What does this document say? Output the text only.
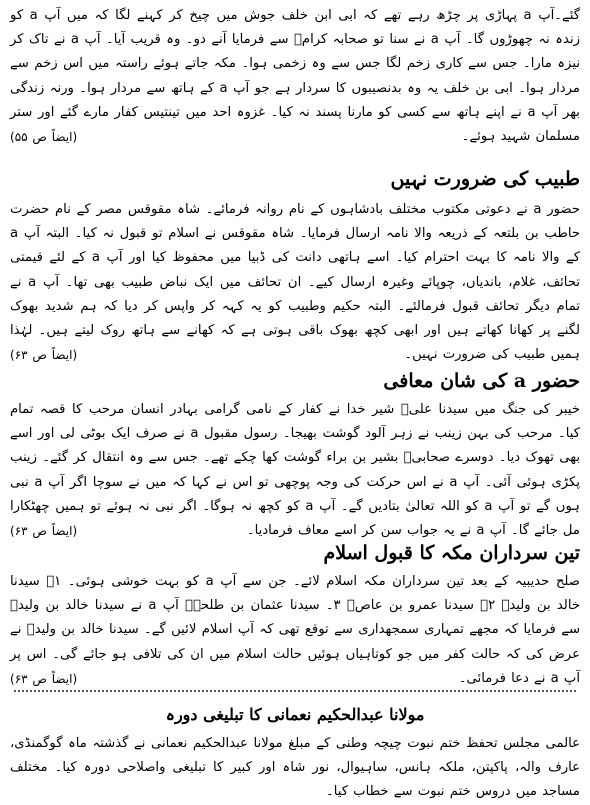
گئے۔آپ a پہاڑی پر چڑھ رہے تھے کہ ابی ابن خلف جوش میں چیخ کر کہنے لگا کہ میں آپ a کو زندہ نہ چھوڑوں گا۔ آپ a نے سنا تو صحابہ کرامؓ سے فرمایا آنے دو۔ وہ قریب آیا۔ آپ a نے تاک کر نیزہ مارا۔ جس سے کاری زخم لگا جس سے وہ زخمی ہوا۔ مکہ جاتے ہوئے راستہ میں اس زخم سے مردار ہوا۔ ابی بن خلف یہ وہ بدنصیبوں کا سردار ہے جو آپ a کے ہاتھ سے مردار ہوا۔ ورنہ زندگی بھر آپ a نے اپنے ہاتھ سے کسی کو مارنا پسند نہ کیا۔ غزوہ احد میں تینتیس کفار مارے گئے اور ستر مسلمان شہید ہوئے۔
(ایضاً ص ۵۵)
طبیب کی ضرورت نہیں
حضور a نے دعوتی مکتوب مختلف بادشاہوں کے نام روانہ فرمائے۔ شاہ مقوقس مصر کے نام حضرت حاطب بن بلتعہ کے ذریعہ والا نامہ ارسال فرمایا۔ شاہ مقوقس نے اسلام تو قبول نہ کیا۔ البتہ آپ a کے والا نامہ کا بہت احترام کیا۔ اسے ہاتھی دانت کی ڈبیا میں محفوظ کیا اور آپ a کے لئے قیمتی تحائف، غلام، باندیاں، چوپائے وغیرہ ارسال کیے۔ ان تحائف میں ایک نباض طبیب بھی تھا۔ آپ a نے تمام دیگر تحائف قبول فرمالئے۔ البتہ حکیم وطبیب کو یہ کہہ کر واپس کر دیا کہ ہم شدید بھوک لگنے پر کھانا کھاتے ہیں اور ابھی کچھ بھوک باقی ہوتی ہے کہ کھانے سے ہاتھ روک لیتے ہیں۔ لہٰذا ہمیں طبیب کی ضرورت نہیں۔
(ایضاً ص ۶۳)
حضور a کی شان معافی
خیبر کی جنگ میں سیدنا علیؓ شیر خدا نے کفار کے نامی گرامی بہادر انسان مرحب کا قصہ تمام کیا۔ مرحب کی بہن زینب نے زہر آلود گوشت بھیجا۔ رسول مقبول a نے صرف ایک بوٹی لی اور اسے بھی تھوک دیا۔ دوسرے صحابیؓ بشیر بن براء گوشت کھا چکے تھے۔ جس سے وہ انتقال کر گئے۔ زینب پکڑی ہوئی آئی۔ آپ a نے اس حرکت کی وجہ پوچھی تو اس نے کہا کہ میں نے سوچا اگر آپ a نبی ہوں گے تو آپ a کو اللہ تعالیٰ بتادیں گے۔ آپ a کو کچھ نہ ہوگا۔ اگر نبی نہ ہوئے تو ہمیں چھٹکارا مل جائے گا۔ آپ a نے یہ جواب سن کر اسے معاف فرمادیا۔
(ایضاً ص ۶۳)
تین سرداران مکہ کا قبول اسلام
صلح حدیبیہ کے بعد تین سرداران مکہ اسلام لائے۔ جن سے آپ a کو بہت خوشی ہوئی۔ ۱۔ سیدنا خالد بن ولیدؓ ۲۔ سیدنا عمرو بن عاصؓ ۳۔ سیدنا عثمان بن طلحہؓ آپ a نے سیدنا خالد بن ولیدؓ سے فرمایا کہ مجھے تمہاری سمجھداری سے توقع تھی کہ آپ اسلام لائیں گے۔ سیدنا خالد بن ولیدؓ نے عرض کی کہ حالت کفر میں جو کوتاہیاں ہوئیں حالت اسلام میں ان کی تلافی ہو جائے گی۔ اس پر آپ a نے دعا فرمائی۔
(ایضاً ص ۶۳)
مولانا عبدالحکیم نعمانی کا تبلیغی دورہ
عالمی مجلس تحفظ ختم نبوت چیچہ وطنی کے مبلغ مولانا عبدالحکیم نعمانی نے گذشتہ ماہ گوگمنڈی، عارف والہ، پاکپتن، ملکہ ہانس، ساہیوال، نور شاہ اور کبیر کا تبلیغی واصلاحی دورہ کیا۔ مختلف مساجد میں دروس ختم نبوت سے خطاب کیا۔
